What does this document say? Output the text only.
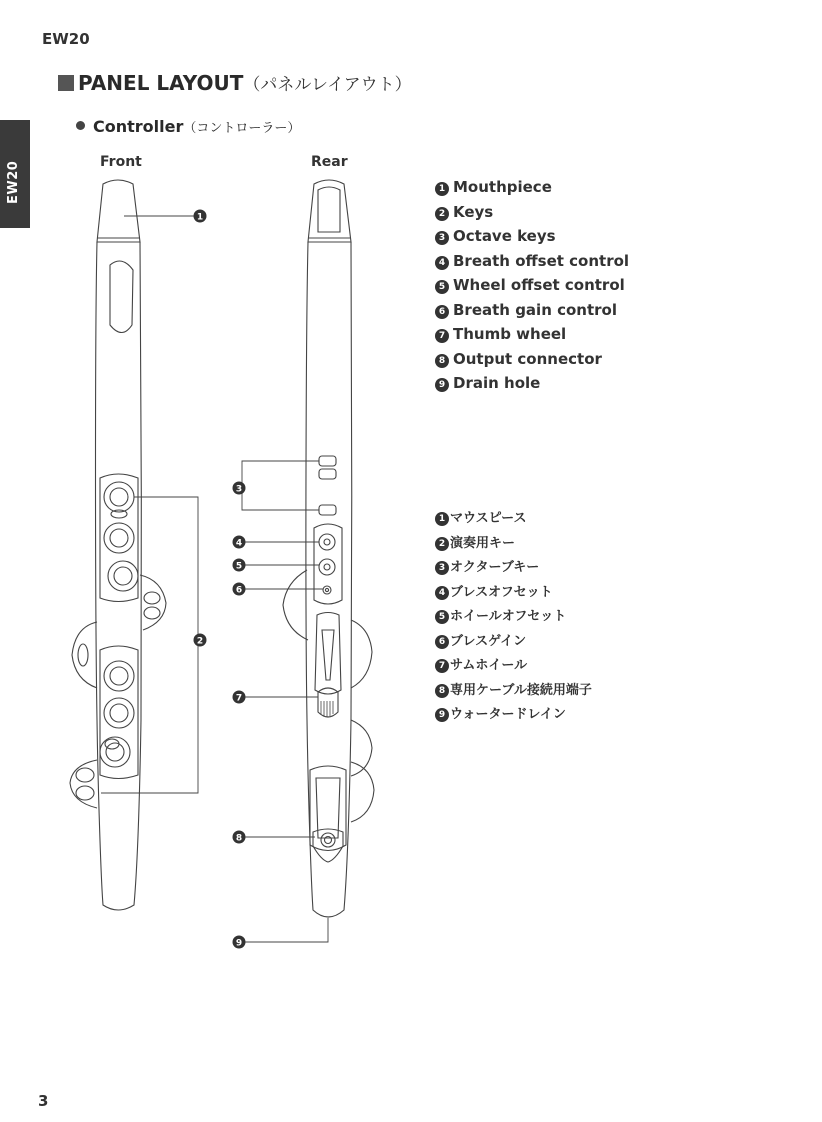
EW20
EW20
PANEL LAYOUT（パネルレイアウト）
Controller（コントローラー）
Front	Rear
1
2
3
4
5
6
7
8
9
1 Mouthpiece
2 Keys
3 Octave keys
4 Breath offset control
5 Wheel offset control
6 Breath gain control
7 Thumb wheel
8 Output connector
9 Drain hole
1 マウスピース
2 演奏用キー
3 オクターブキー
4 ブレスオフセット
5 ホイールオフセット
6 ブレスゲイン
7 サムホイール
8 専用ケーブル接続用端子
9 ウォータードレイン
3
